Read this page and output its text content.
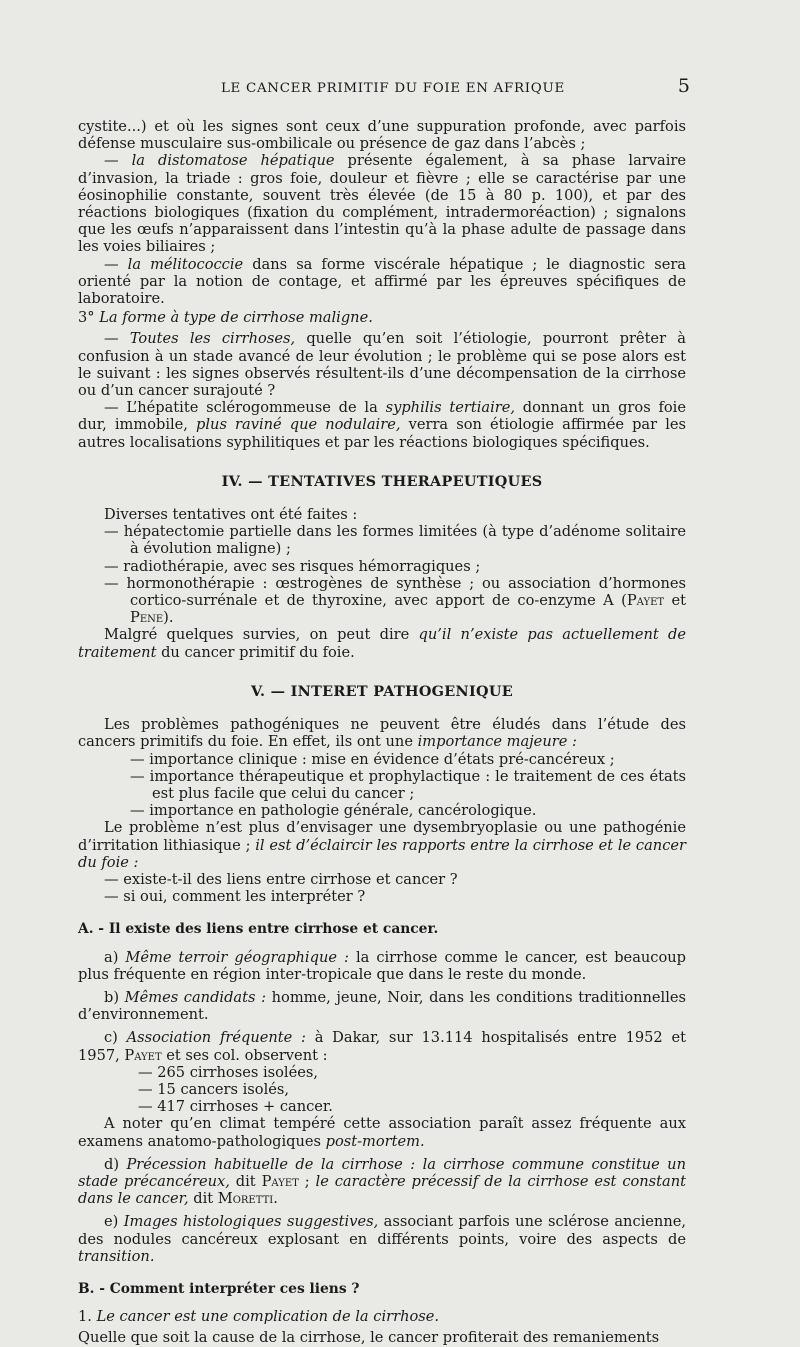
LE CANCER PRIMITIF DU FOIE EN AFRIQUE	5

cystite...) et où les signes sont ceux d’une suppuration profonde, avec parfois défense musculaire sus-ombilicale ou présence de gaz dans l’abcès ;

— la distomatose hépatique présente également, à sa phase larvaire d’invasion, la triade : gros foie, douleur et fièvre ; elle se caractérise par une éosinophilie constante, souvent très élevée (de 15 à 80 p. 100), et par des réactions biologiques (fixation du complément, intradermoréaction) ; signalons que les œufs n’apparaissent dans l’intestin qu’à la phase adulte de passage dans les voies biliaires ;

— la mélitococcie dans sa forme viscérale hépatique ; le diagnostic sera orienté par la notion de contage, et affirmé par les épreuves spécifiques de laboratoire.

3° La forme à type de cirrhose maligne.

— Toutes les cirrhoses, quelle qu’en soit l’étiologie, pourront prêter à confusion à un stade avancé de leur évolution ; le problème qui se pose alors est le suivant : les signes observés résultent-ils d’une décompensation de la cirrhose ou d’un cancer surajouté ?

— L’hépatite sclérogommeuse de la syphilis tertiaire, donnant un gros foie dur, immobile, plus raviné que nodulaire, verra son étiologie affirmée par les autres localisations syphilitiques et par les réactions biologiques spécifiques.

IV. — TENTATIVES THERAPEUTIQUES

Diverses tentatives ont été faites :

— hépatectomie partielle dans les formes limitées (à type d’adénome solitaire à évolution maligne) ;

— radiothérapie, avec ses risques hémorragiques ;

— hormonothérapie : œstrogènes de synthèse ; ou association d’hormones cortico-surrénale et de thyroxine, avec apport de co-enzyme A (Payet et Pene).

Malgré quelques survies, on peut dire qu’il n’existe pas actuellement de traitement du cancer primitif du foie.

V. — INTERET PATHOGENIQUE

Les problèmes pathogéniques ne peuvent être éludés dans l’étude des cancers primitifs du foie. En effet, ils ont une importance majeure :

— importance clinique : mise en évidence d’états pré-cancéreux ;

— importance thérapeutique et prophylactique : le traitement de ces états est plus facile que celui du cancer ;

— importance en pathologie générale, cancérologique.

Le problème n’est plus d’envisager une dysembryoplasie ou une pathogénie d’irritation lithiasique ; il est d’éclaircir les rapports entre la cirrhose et le cancer du foie :

— existe-t-il des liens entre cirrhose et cancer ?

— si oui, comment les interpréter ?

A. - Il existe des liens entre cirrhose et cancer.

a) Même terroir géographique : la cirrhose comme le cancer, est beaucoup plus fréquente en région inter-tropicale que dans le reste du monde.

b) Mêmes candidats : homme, jeune, Noir, dans les conditions traditionnelles d’environnement.

c) Association fréquente : à Dakar, sur 13.114 hospitalisés entre 1952 et 1957, Payet et ses col. observent :

— 265 cirrhoses isolées,

— 15 cancers isolés,

— 417 cirrhoses + cancer.

A noter qu’en climat tempéré cette association paraît assez fréquente aux examens anatomo-pathologiques post-mortem.

d) Précession habituelle de la cirrhose : la cirrhose commune constitue un stade précancéreux, dit Payet ; le caractère précessif de la cirrhose est constant dans le cancer, dit Moretti.

e) Images histologiques suggestives, associant parfois une sclérose ancienne, des nodules cancéreux explosant en différents points, voire des aspects de transition.

B. - Comment interpréter ces liens ?

1. Le cancer est une complication de la cirrhose.

Quelle que soit la cause de la cirrhose, le cancer profiterait des remaniements
